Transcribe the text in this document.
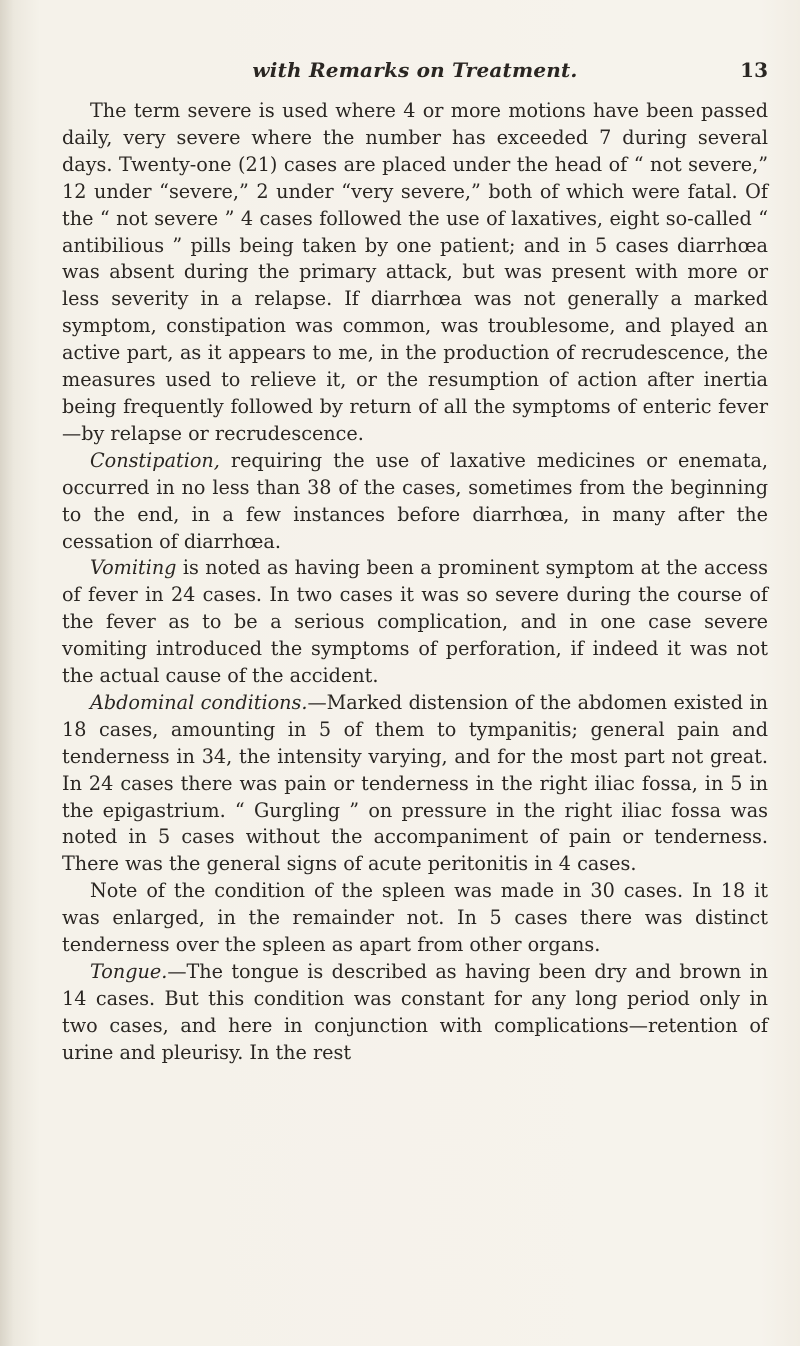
with Remarks on Treatment.	13

The term severe is used where 4 or more motions have been passed daily, very severe where the number has exceeded 7 during several days. Twenty-one (21) cases are placed under the head of “ not severe,” 12 under “severe,” 2 under “very severe,” both of which were fatal. Of the “ not severe ” 4 cases followed the use of laxatives, eight so-called “ antibilious ” pills being taken by one patient; and in 5 cases diarrhœa was absent during the primary attack, but was present with more or less severity in a relapse. If diarrhœa was not generally a marked symptom, constipation was common, was troublesome, and played an active part, as it appears to me, in the production of recrudescence, the measures used to relieve it, or the resumption of action after inertia being frequently followed by return of all the symptoms of enteric fever—by relapse or recrudescence.

Constipation, requiring the use of laxative medicines or enemata, occurred in no less than 38 of the cases, sometimes from the beginning to the end, in a few instances before diarrhœa, in many after the cessation of diarrhœa.

Vomiting is noted as having been a prominent symptom at the access of fever in 24 cases. In two cases it was so severe during the course of the fever as to be a serious complication, and in one case severe vomiting introduced the symptoms of perforation, if indeed it was not the actual cause of the accident.

Abdominal conditions.—Marked distension of the abdomen existed in 18 cases, amounting in 5 of them to tympanitis; general pain and tenderness in 34, the intensity varying, and for the most part not great. In 24 cases there was pain or tenderness in the right iliac fossa, in 5 in the epigastrium. “ Gurgling ” on pressure in the right iliac fossa was noted in 5 cases without the accompaniment of pain or tenderness. There was the general signs of acute peritonitis in 4 cases.

Note of the condition of the spleen was made in 30 cases. In 18 it was enlarged, in the remainder not. In 5 cases there was distinct tenderness over the spleen as apart from other organs.

Tongue.—The tongue is described as having been dry and brown in 14 cases. But this condition was constant for any long period only in two cases, and here in conjunction with complications—retention of urine and pleurisy. In the rest
